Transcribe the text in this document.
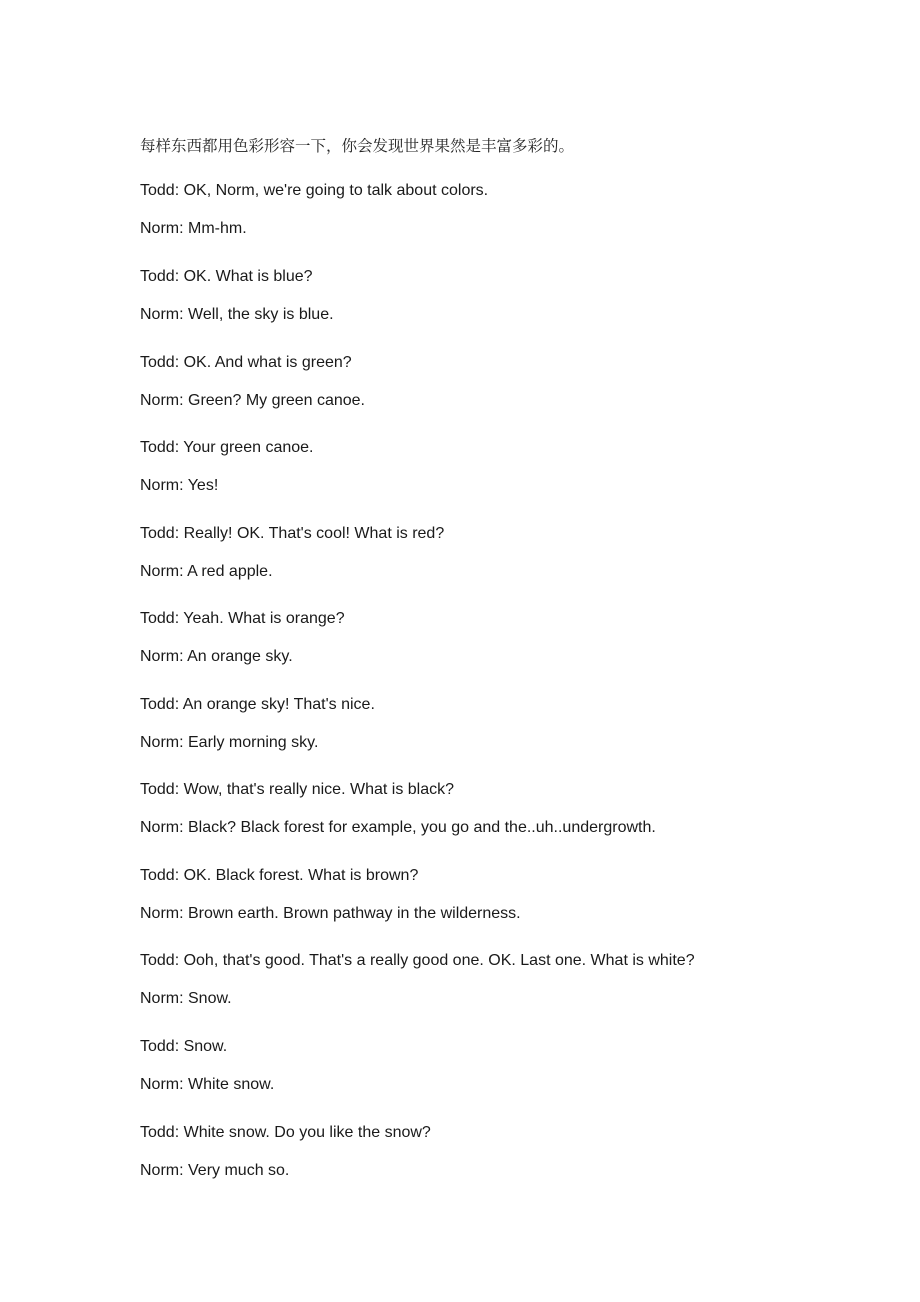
每样东西都用色彩形容一下，你会发现世界果然是丰富多彩的。

Todd: OK, Norm, we're going to talk about colors.

Norm: Mm-hm.

Todd: OK. What is blue?

Norm: Well, the sky is blue.

Todd: OK. And what is green?

Norm: Green? My green canoe.

Todd: Your green canoe.

Norm: Yes!

Todd: Really! OK. That's cool! What is red?

Norm: A red apple.

Todd: Yeah. What is orange?

Norm: An orange sky.

Todd: An orange sky! That's nice.

Norm: Early morning sky.

Todd: Wow, that's really nice. What is black?

Norm: Black? Black forest for example, you go and the..uh..undergrowth.

Todd: OK. Black forest. What is brown?

Norm: Brown earth. Brown pathway in the wilderness.

Todd: Ooh, that's good. That's a really good one. OK. Last one. What is white?

Norm: Snow.

Todd: Snow.

Norm: White snow.

Todd: White snow. Do you like the snow?

Norm: Very much so.
